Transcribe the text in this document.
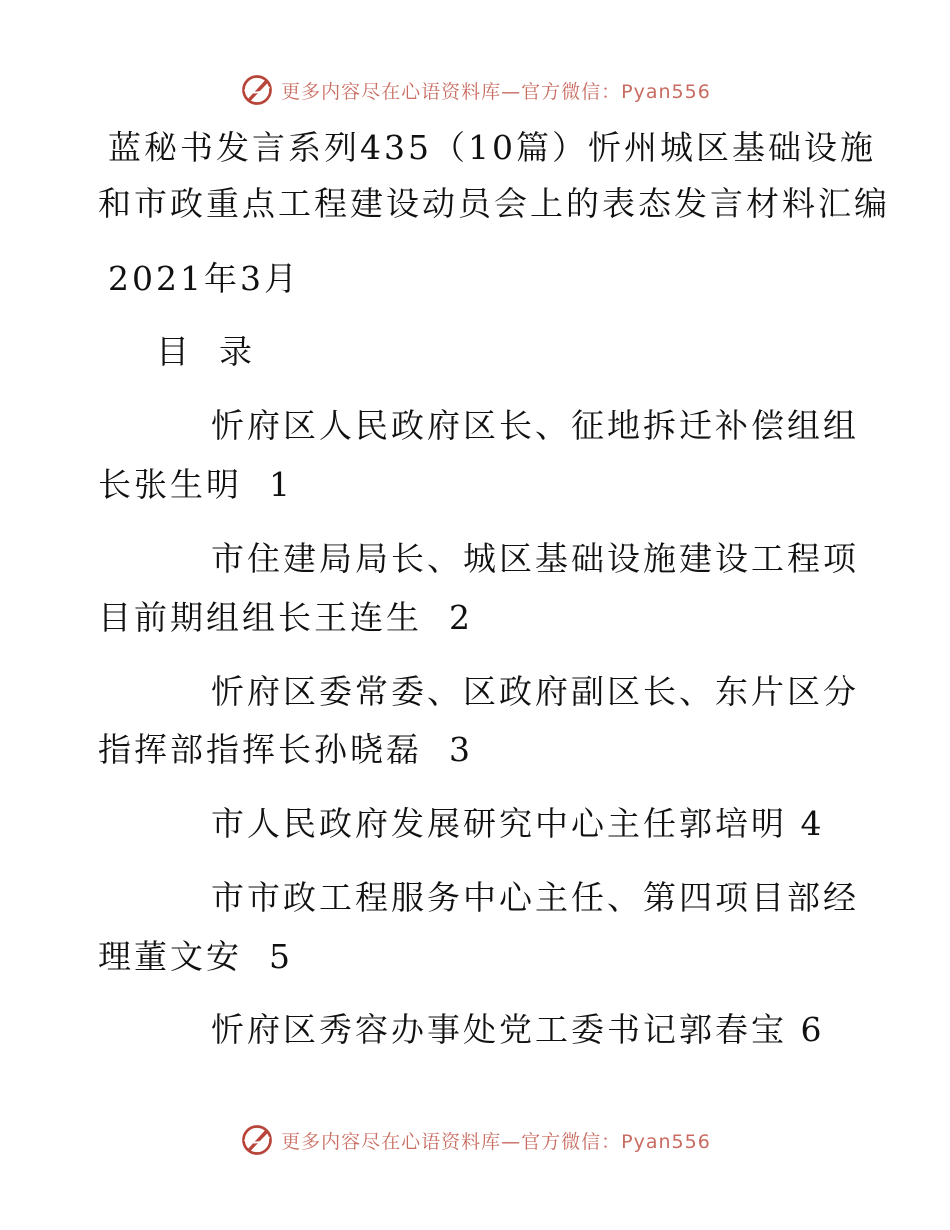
更多内容尽在心语资料库—官方微信：Pyan556
蓝秘书发言系列435（10篇）忻州城区基础设施
和市政重点工程建设动员会上的表态发言材料汇编
2021年3月
目  录
忻府区人民政府区长、征地拆迁补偿组组
长张生明  1
市住建局局长、城区基础设施建设工程项
目前期组组长王连生  2
忻府区委常委、区政府副区长、东片区分
指挥部指挥长孙晓磊  3
市人民政府发展研究中心主任郭培明 4
市市政工程服务中心主任、第四项目部经
理董文安  5
忻府区秀容办事处党工委书记郭春宝 6
更多内容尽在心语资料库—官方微信：Pyan556
